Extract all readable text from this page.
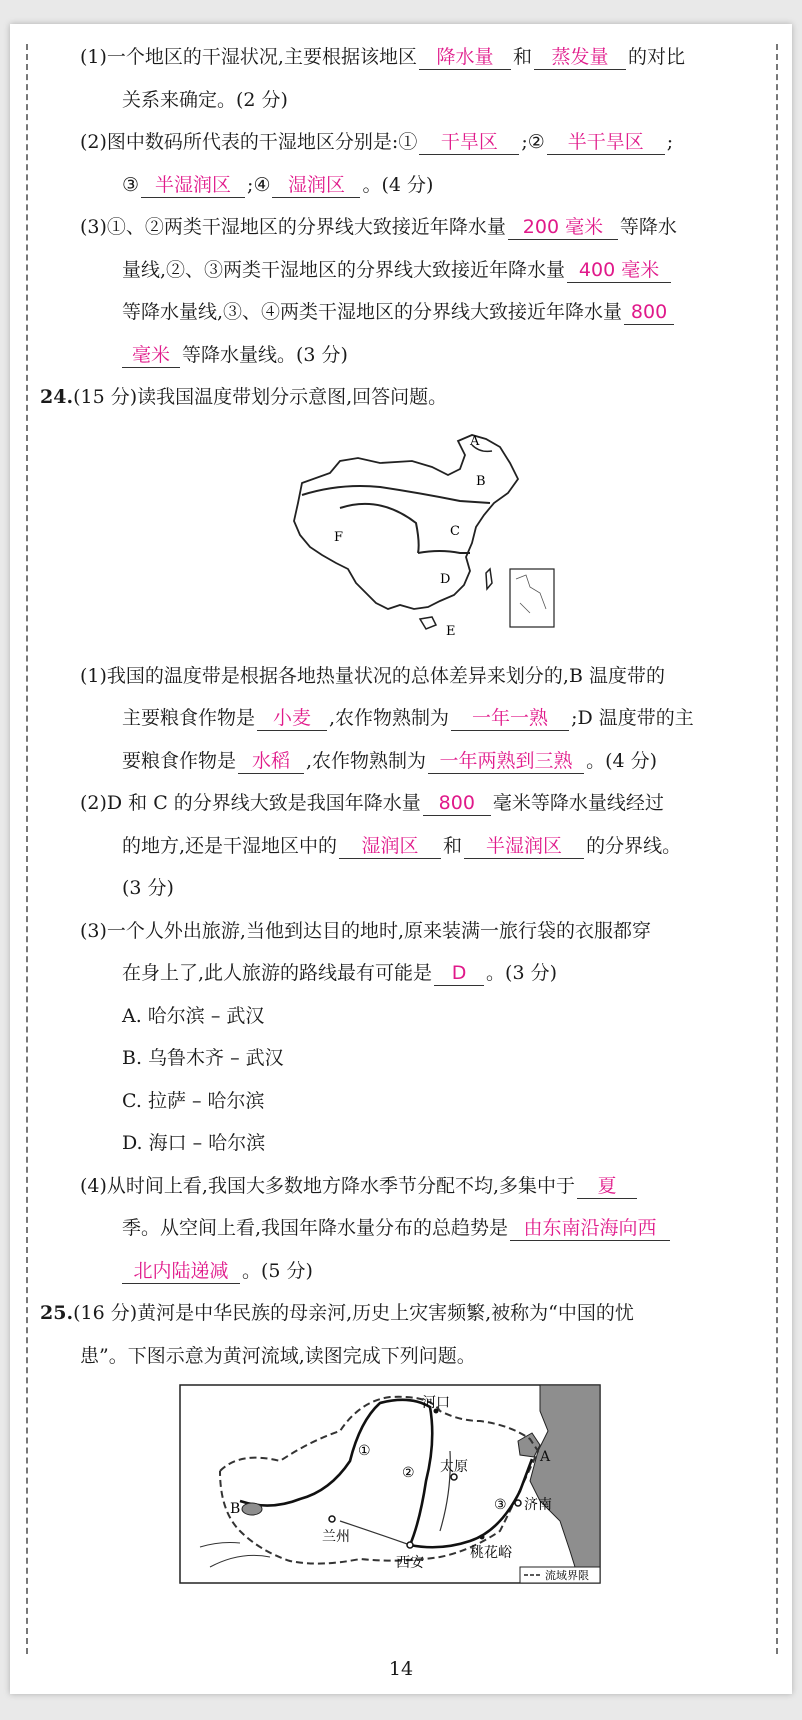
(1)一个地区的干湿状况,主要根据该地区 降水量 和 蒸发量 的对比
关系来确定。(2 分)
(2)图中数码所代表的干湿地区分别是:① 干旱区 ;② 半干旱区 ;
③ 半湿润区 ;④ 湿润区 。(4 分)
(3)①、②两类干湿地区的分界线大致接近年降水量 200 毫米 等降水
量线,②、③两类干湿地区的分界线大致接近年降水量 400 毫米
等降水量线,③、④两类干湿地区的分界线大致接近年降水量 800
毫米 等降水量线。(3 分)
24.(15 分)读我国温度带划分示意图,回答问题。
A
B
C
D
E
F
(1)我国的温度带是根据各地热量状况的总体差异来划分的,B 温度带的
主要粮食作物是 小麦 ,农作物熟制为 一年一熟 ;D 温度带的主
要粮食作物是 水稻 ,农作物熟制为 一年两熟到三熟 。(4 分)
(2)D 和 C 的分界线大致是我国年降水量 800 毫米等降水量线经过
的地方,还是干湿地区中的 湿润区 和 半湿润区 的分界线。
(3 分)
(3)一个人外出旅游,当他到达目的地时,原来装满一旅行袋的衣服都穿
在身上了,此人旅游的路线最有可能是 D 。(3 分)
A. 哈尔滨 – 武汉
B. 乌鲁木齐 – 武汉
C. 拉萨 – 哈尔滨
D. 海口 – 哈尔滨
(4)从时间上看,我国大多数地方降水季节分配不均,多集中于 夏
季。从空间上看,我国年降水量分布的总趋势是 由东南沿海向西
北内陆递减 。(5 分)
25.(16 分)黄河是中华民族的母亲河,历史上灾害频繁,被称为“中国的忧
患”。下图示意为黄河流域,读图完成下列问题。
河口
太原
济南
兰州
西安
桃花峪
A
B
①
②
③
流域界限
14
